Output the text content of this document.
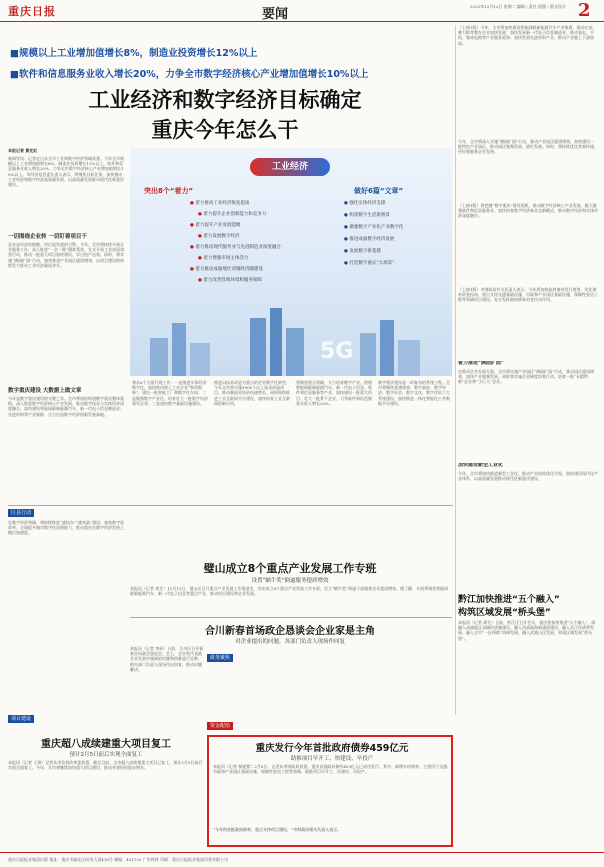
重庆日报	要闻
2023年12月12日 星期二 编辑 / 责任 组版 / 版式设计 2
■规模以上工业增加值增长8%，制造业投资增长12%以上
■软件和信息服务业收入增长20%，力争全市数字经济核心产业增加值增长10%以上
工业经济和数字经济目标确定
重庆今年怎么干
本报记者 黄光红
新闻导读：记者近日从全市工业和数字经济领域获悉，今年全市规模以上工业增加值增长8%，制造业投资增长12%以上，软件和信息服务业收入增长20%，力争全市数字经济核心产业增加值增长10%以上。市经济信息委负责人表示，将聚焦目标任务，加快推动工业经济和数字经济高质量发展，以高质量发展推动现代化新重庆建设。
一切围绕企业转 一切盯着项目干
企业是经济的细胞，项目是发展的引擎。今年，全市将持续开展企业服务工作，深入推进“一企一策”精准帮扶，扎实开展工业投资攻坚行动，推动一批重大项目加快建设、早日投产达效。同时，将实施“满园扩园”行动，加快推进产业园区提质增效，以项目建设的持续发力推动工业经济量质齐升。
数字重庆建设 大数据上做文章
今年是数字重庆建设的关键之年。全市将加快构建数字重庆整体架构，深入推进数字经济核心产业发展，推动数字技术与实体经济深度融合，加快建设智能网联新能源汽车、新一代电子信息制造业、先进材料等产业集群，全力打造数字经济创新发展高地。
5G
工业经济
突出8个“着力”	做好6篇“文章”
● 着力推动工业经济恢复提质
● 着力提升企业创新能力和竞争力
● 着力提升产业发展能级
● 着力发展数字经济
● 着力推动现代服务业与先进制造业深度融合
● 着力增强市场主体活力
● 着力推动成渝地区双城经济圈建设
● 着力改善营商环境和服务保障
● 强化实体经济支撑
● 构筑数字生活新图景
● 做强数字产业化产业数字化
● 推进成渝数字经济发展
● 发展数字新基建
● 打造数字重庆“大场景”
将从6个方面开展工作：一是推进实体经济数字化，加快推动规上工业企业“智改数转”，建设一批智能工厂和数字化车间；二是做强数字产业化，培育壮大一批数字经济领军企业；三是加快数字基础设施建设。
推进以技术改造为重点的企业数字化转型，今年全市将实施1000个以上技术改造项目，推动制造业投资快速增长。同时持续推进工业互联网平台建设，加快培育工业互联网创新应用。
将聚焦重点领域，大力培育数字产业。围绕智能网联新能源汽车、新一代电子信息、软件和信息服务等产业，加快建设一批重大项目，壮大一批骨干企业，力争软件和信息服务业收入增长20%。
数字重庆建设是一项复杂的系统工程。全市将聚焦党建统领、数字政府、数字经济、数字社会、数字文化、数字法治六大系统建设，加快推进一体化智能化公共数据平台建设。
区县行动
政务聚焦
项目建设
资金配给
在数字经济领域，将持续推进“渝快办”“渝快政”建设，加快数字化改革，全面提升城市数字化治理能力，推动重庆在数字经济发展上跑出加速度。
璧山成立8个重点产业发展工作专班
设置“蜗牛奖”倒逼服务提质增效
本报讯（记者 周尤）12月11日，璧山区召开重点产业发展工作推进会，宣布成立8个重点产业发展工作专班，设立“蜗牛奖”倒逼干部服务企业提质增效。据了解，专班将聚焦智能网联新能源汽车、新一代电子信息等重点产业，推动项目建设和企业发展。
合川新春首场政企恳谈会企业家是主角
对企业提出的问题，各部门负责人现场作回复
本报讯（记者 李珩）日前，合川区召开新春首场政企恳谈会。会上，企业家代表就企业发展中遇到的问题和困难进行反映，相关部门负责人现场作出回复，推动问题解决。
重庆超八成续建重大项目复工
预计2月5日前后实现全面复工
本报讯（记者 王翔）记者从市发展改革委获悉，截至目前，全市超八成续建重大项目已复工，预计2月5日前后实现全面复工。今年，全市将继续加快重大项目建设，推动有效投资稳步增长。
重庆发行今年首批政府债券459亿元
助推项目早开工、快建设、早投产
本报讯（记者 杨铌紫）2月6日，记者从市财政局获悉，重庆首批政府债券459亿元已成功发行。其中，新增专项债券，主要用于交通、市政和产业园区基础设施、保障性安居工程等领域，助推项目早开工、快建设、早投产。
“今年的首批政府债券，重点支持项目建设，”市财政局相关负责人表示。
（上接1版）今年，全市将加快建设智能网联新能源汽车产业集群，推动长安、赛力斯等整车企业加快发展；加快发展新一代电子信息制造业，推动笔电、手机、集成电路等产业链条延伸；加快发展先进材料产业，推动产业链上下游协同。
今年，全市将深入实施“满园扩园”行动，推动产业园区提质增效，加快建设一批特色产业园区，推动园区集聚发展、错位发展。同时，将持续优化营商环境，更好地服务企业发展。
（上接1版）将把握“数字重庆”建设契机，推动数字经济核心产业发展，做大做强软件和信息服务业，加快培育数字经济新业态新模式，推动数字经济和实体经济深度融合。
（上接1版）市财政局有关负责人表示，今年将加快政府债券发行使用，优化债券资金投向，重点支持交通基础设施、市政和产业园区基础设施、保障性安居工程等领域项目建设，充分发挥政府债券资金拉动作用。
着力推进“满园扩园”
在推动企业发展方面，全市将实施产业园区“满园扩园”行动，推动园区提质增效，加快产业集聚发展。同时将实施企业梯度培育行动，培育一批“专精特新”企业和“小巨人”企业。
加快建设新型工业化
今年，全市将加快推进新型工业化，推动产业结构优化升级，加快建设现代化产业体系，以高质量发展推动现代化新重庆建设。
黔江加快推进“五个融入”
构筑区域发展“桥头堡”
本报讯（记者 周尤）日前，黔江区召开会议，提出要加快推进“五个融入”，即融入成渝地区双城经济圈建设、融入西部陆海新通道建设、融入长江经济带发展、融入全市“一区两群”协调发展、融入武陵山区发展，构筑区域发展“桥头堡”。
重庆日报报业集团出版 地址：重庆市渝北区同茂大道416号 邮编：401120 广告热线 印刷：重庆日报报业集团印务有限公司
